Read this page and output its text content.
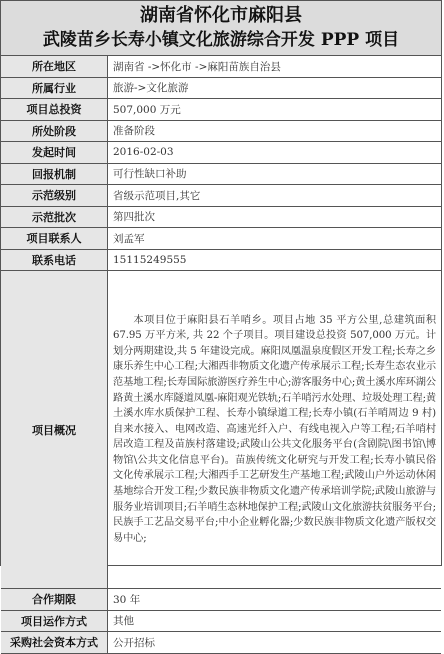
湖南省怀化市麻阳县
武陵苗乡长寿小镇文化旅游综合开发 PPP 项目
所在地区	湖南省 ->怀化市 ->麻阳苗族自治县
所属行业	旅游->文化旅游
项目总投资	507,000 万元
所处阶段	准备阶段
发起时间	2016-02-03
回报机制	可行性缺口补助
示范级别	省级示范项目,其它
示范批次	第四批次
项目联系人	刘孟军
联系电话	15115249555
项目概况	本项目位于麻阳县石羊哨乡。项目占地 35 平方公里,总建筑面积 67.95 万平方米, 共 22 个子项目。项目建设总投资 507,000 万元。计划分两期建设,共 5 年建设完成。麻阳凤凰温泉度假区开发工程;长寿之乡康乐养生中心工程;大湘西非物质文化遗产传承展示工程;长寿生态农业示范基地工程;长寿国际旅游医疗养生中心;游客服务中心;黄土溪水库环湖公路黄土溪水库隧道凤凰-麻阳观光铁轨;石羊哨污水处理、垃圾处理工程;黄土溪水库水质保护工程、长寿小镇绿道工程;长寿小镇(石羊哨周边 9 村)自来水接入、电网改造、高速光纤入户、有线电视入户等工程;石羊哨村居改造工程及苗族村落建设;武陵山公共文化服务平台(含剧院\图书馆\博物馆\公共文化信息平台)。苗族传统文化研究与开发工程;长寿小镇民俗文化传承展示工程;大湘西手工艺研发生产基地工程;武陵山户外运动休闲基地综合开发工程;少数民族非物质文化遗产传承培训学院;武陵山旅游与服务业培训项目;石羊哨生态林地保护工程;武陵山文化旅游扶贫服务平台;民族手工艺品交易平台;中小企业孵化器;少数民族非物质文化遗产版权交易中心;

合作期限	30 年
项目运作方式	其他
采购社会资本方式	公开招标
